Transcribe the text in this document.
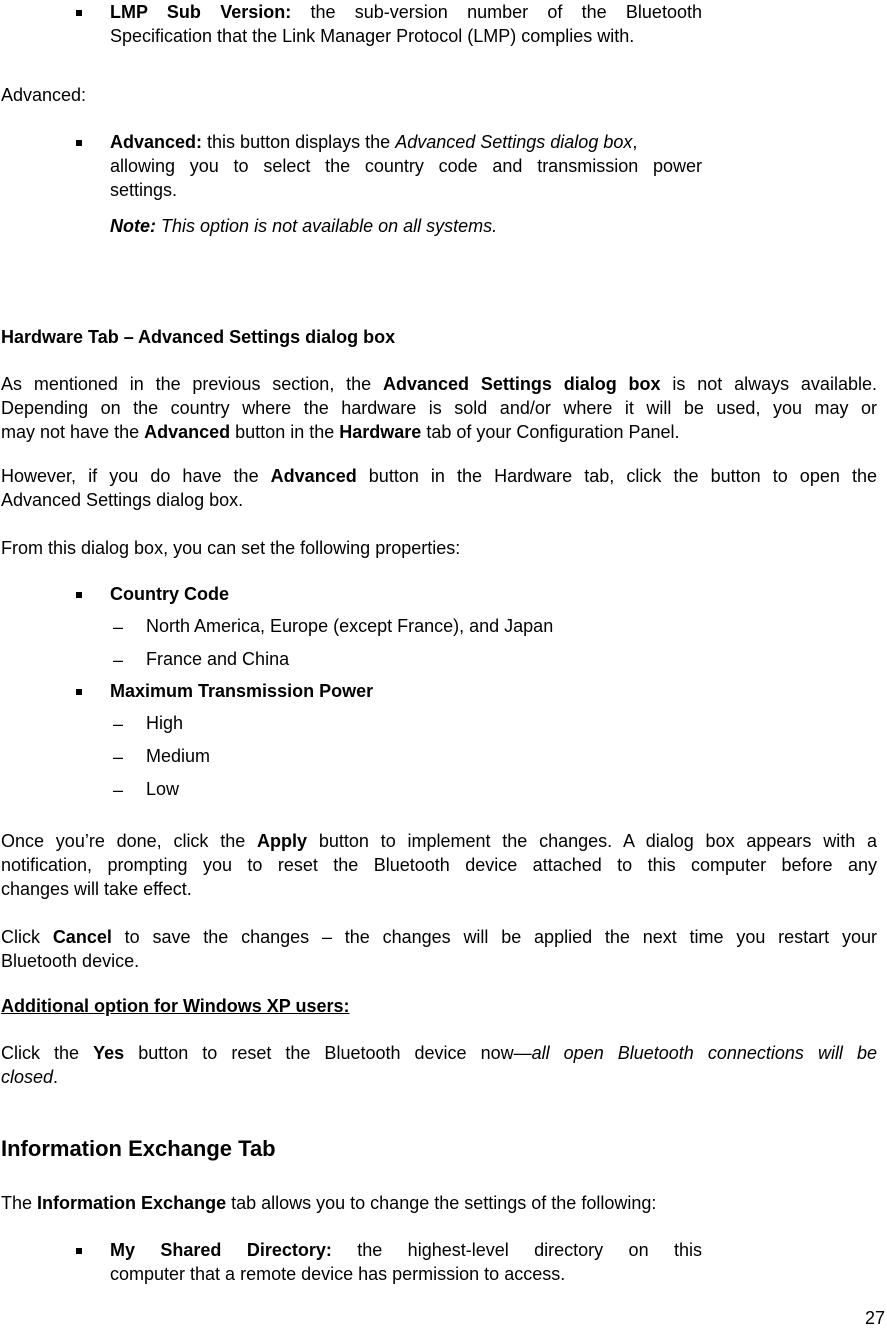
LMP Sub Version: the sub-version number of the Bluetooth
Specification that the Link Manager Protocol (LMP) complies with.
Advanced:
Advanced: this button displays the Advanced Settings dialog box,
allowing you to select the country code and transmission power
settings.
Note: This option is not available on all systems.
Hardware Tab – Advanced Settings dialog box
As mentioned in the previous section, the Advanced Settings dialog box is not always available.
Depending on the country where the hardware is sold and/or where it will be used, you may or
may not have the Advanced button in the Hardware tab of your Configuration Panel.
However, if you do have the Advanced button in the Hardware tab, click the button to open the
Advanced Settings dialog box.
From this dialog box, you can set the following properties:
Country Code
– North America, Europe (except France), and Japan
– France and China
Maximum Transmission Power
– High
– Medium
– Low
Once you’re done, click the Apply button to implement the changes. A dialog box appears with a
notification, prompting you to reset the Bluetooth device attached to this computer before any
changes will take effect.
Click Cancel to save the changes – the changes will be applied the next time you restart your
Bluetooth device.
Additional option for Windows XP users:
Click the Yes button to reset the Bluetooth device now—all open Bluetooth connections will be
closed.
Information Exchange Tab
The Information Exchange tab allows you to change the settings of the following:
My Shared Directory: the highest-level directory on this
computer that a remote device has permission to access.
27
